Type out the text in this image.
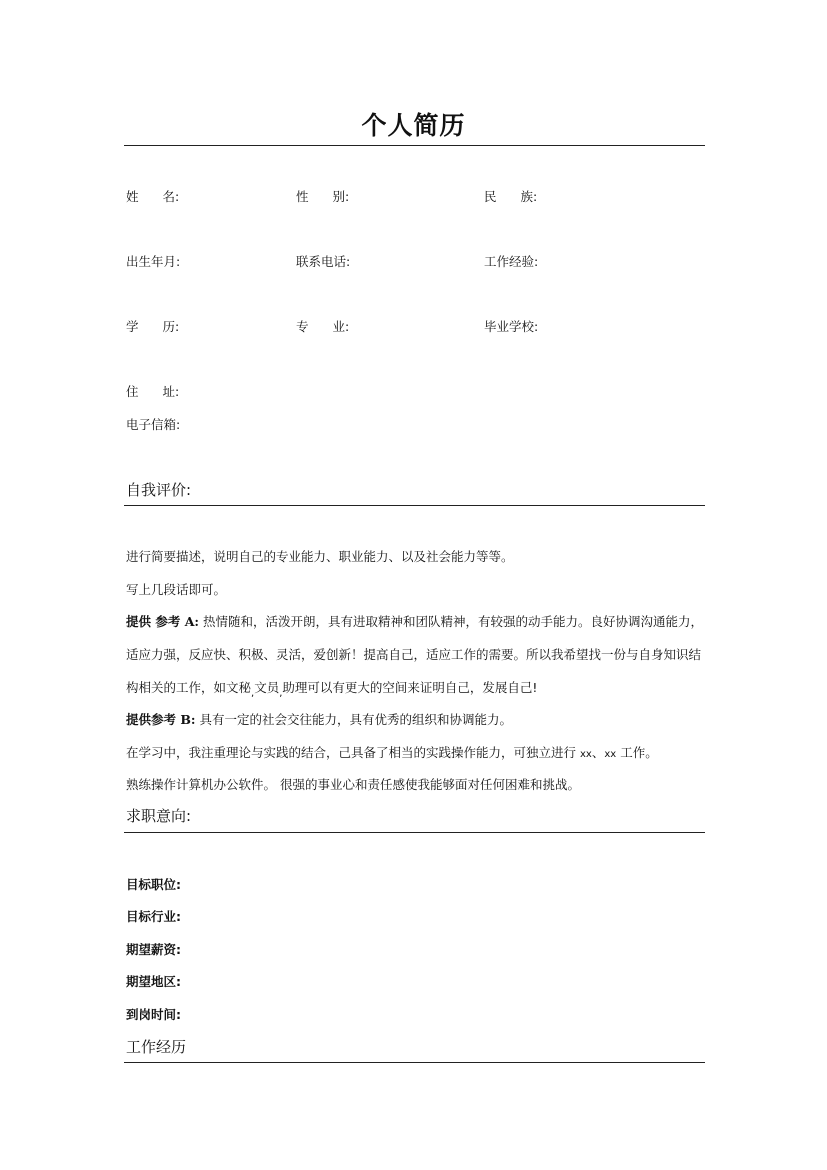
个人简历
姓 名:	性 别:	民 族:
出生年月:	联系电话:	工作经验:
学 历:	专 业:	毕业学校:
住 址:
电子信箱:
自我评价:
进行简要描述，说明自己的专业能力、职业能力、以及社会能力等等。
写上几段话即可。
提供 参考 A: 热情随和，活泼开朗，具有进取精神和团队精神，有较强的动手能力。良好协调沟通能力，
适应力强，反应快、积极、灵活，爱创新！提高自己，适应工作的需要。所以我希望找一份与自身知识结
构相关的工作，如文秘$_,$文员$_,$助理可以有更大的空间来证明自己，发展自己!
提供参考 B: 具有一定的社会交往能力，具有优秀的组织和协调能力。
在学习中，我注重理论与实践的结合，己具备了相当的实践操作能力，可独立进行 xx、xx 工作。
熟练操作计算机办公软件。 很强的事业心和责任感使我能够面对任何困难和挑战。
求职意向:
目标职位:
目标行业:
期望薪资:
期望地区:
到岗时间:
工作经历
